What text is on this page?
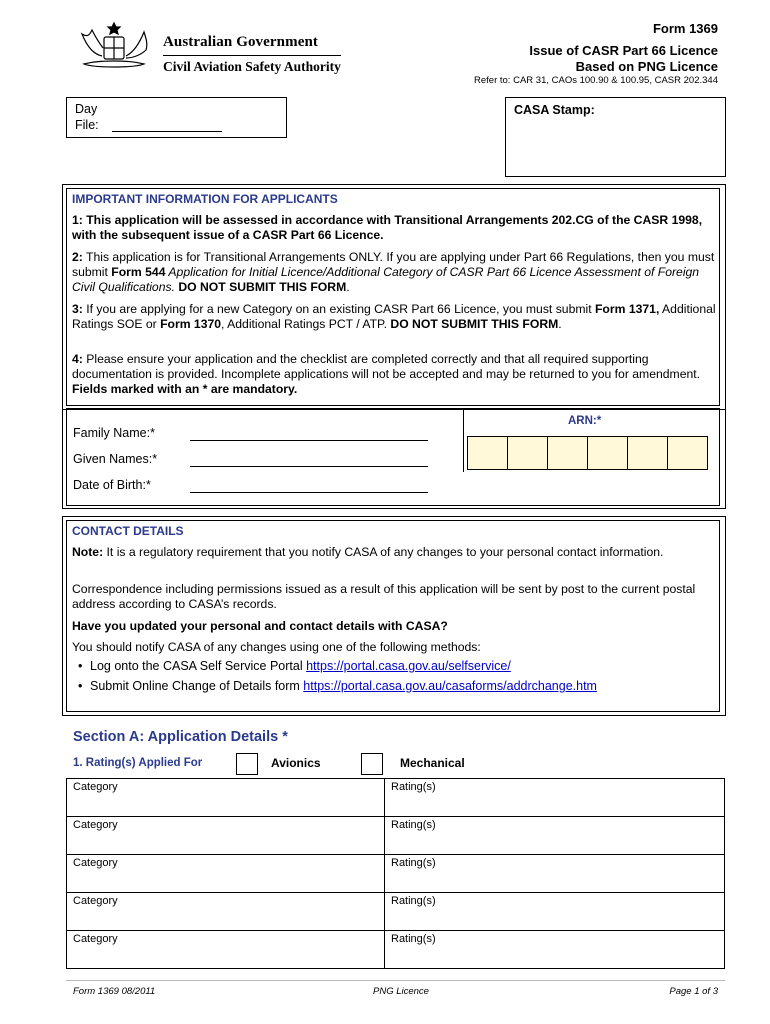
Australian Government
Civil Aviation Safety Authority
Form 1369
Issue of CASR Part 66 Licence
Based on PNG Licence
Refer to: CAR 31, CAOs 100.90 & 100.95, CASR 202.344
Day
File:
CASA Stamp:
IMPORTANT INFORMATION FOR APPLICANTS
1: This application will be assessed in accordance with Transitional Arrangements 202.CG of the CASR 1998, with the subsequent issue of a CASR Part 66 Licence.
2: This application is for Transitional Arrangements ONLY. If you are applying under Part 66 Regulations, then you must submit Form 544 Application for Initial Licence/Additional Category of CASR Part 66 Licence Assessment of Foreign Civil Qualifications. DO NOT SUBMIT THIS FORM.
3: If you are applying for a new Category on an existing CASR Part 66 Licence, you must submit Form 1371, Additional Ratings SOE or Form 1370, Additional Ratings PCT / ATP. DO NOT SUBMIT THIS FORM.
4: Please ensure your application and the checklist are completed correctly and that all required supporting documentation is provided. Incomplete applications will not be accepted and may be returned to you for amendment. Fields marked with an * are mandatory.
Family Name:*
Given Names:*
Date of Birth:*
ARN:*
CONTACT DETAILS
Note: It is a regulatory requirement that you notify CASA of any changes to your personal contact information.
Correspondence including permissions issued as a result of this application will be sent by post to the current postal address according to CASA’s records.
Have you updated your personal and contact details with CASA?
You should notify CASA of any changes using one of the following methods:
• Log onto the CASA Self Service Portal https://portal.casa.gov.au/selfservice/
• Submit Online Change of Details form https://portal.casa.gov.au/casaforms/addrchange.htm
Section A: Application Details *
1. Rating(s) Applied For	Avionics	Mechanical
Category	Rating(s)
Category	Rating(s)
Category	Rating(s)
Category	Rating(s)
Category	Rating(s)
Form 1369 08/2011	PNG Licence	Page 1 of 3
